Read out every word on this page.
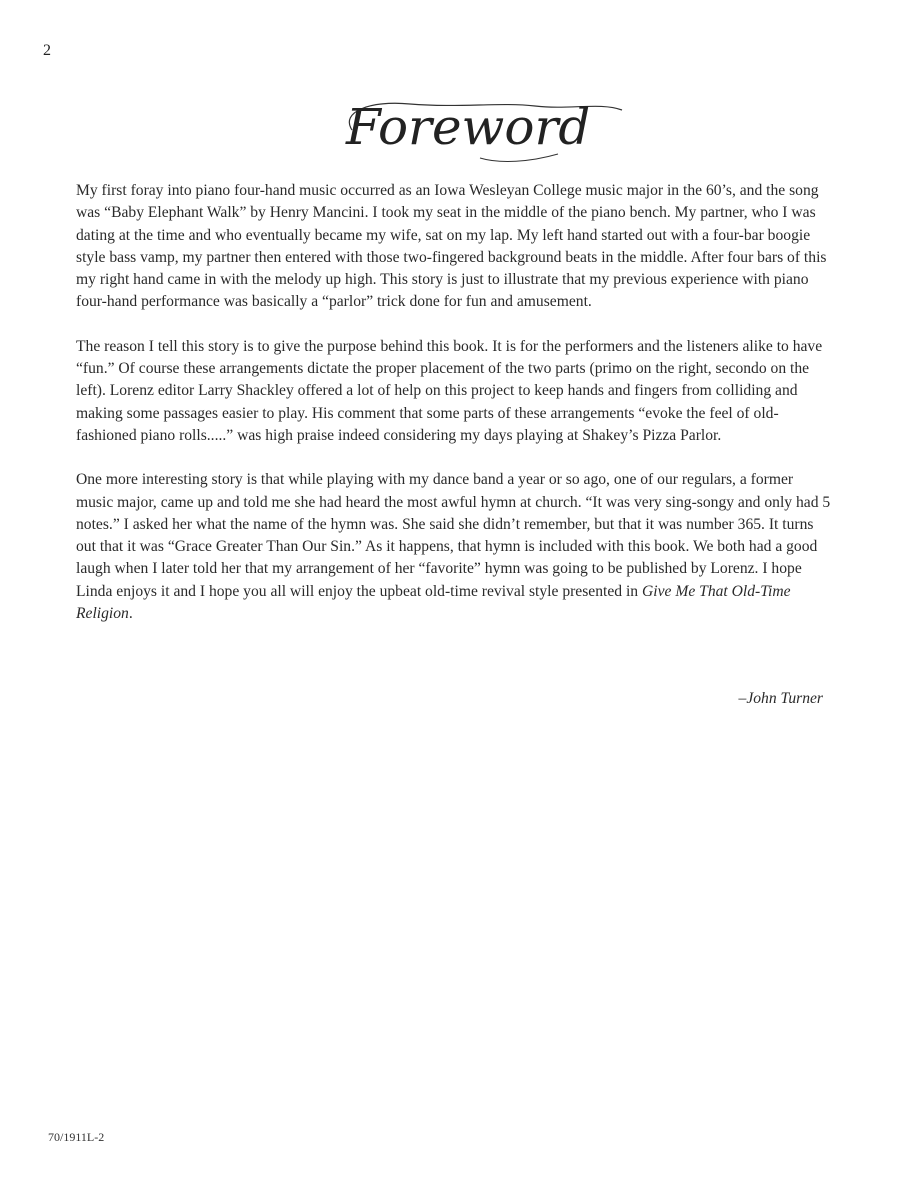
2
Foreword

My first foray into piano four-hand music occurred as an Iowa Wesleyan College music major in the 60’s, and the song was “Baby Elephant Walk” by Henry Mancini. I took my seat in the middle of the piano bench. My partner, who I was dating at the time and who eventually became my wife, sat on my lap. My left hand started out with a four-bar boogie style bass vamp, my partner then entered with those two-fingered background beats in the middle. After four bars of this my right hand came in with the melody up high. This story is just to illustrate that my previous experience with piano four-hand performance was basically a “parlor” trick done for fun and amusement.

The reason I tell this story is to give the purpose behind this book. It is for the performers and the listeners alike to have “fun.” Of course these arrangements dictate the proper placement of the two parts (primo on the right, secondo on the left). Lorenz editor Larry Shackley offered a lot of help on this project to keep hands and fingers from colliding and making some passages easier to play. His comment that some parts of these arrangements “evoke the feel of old-fashioned piano rolls.....” was high praise indeed considering my days playing at Shakey’s Pizza Parlor.

One more interesting story is that while playing with my dance band a year or so ago, one of our regulars, a former music major, came up and told me she had heard the most awful hymn at church. “It was very sing-songy and only had 5 notes.” I asked her what the name of the hymn was. She said she didn’t remember, but that it was number 365. It turns out that it was “Grace Greater Than Our Sin.” As it happens, that hymn is included with this book. We both had a good laugh when I later told her that my arrangement of her “favorite” hymn was going to be published by Lorenz. I hope Linda enjoys it and I hope you all will enjoy the upbeat old-time revival style presented in Give Me That Old-Time Religion.

–John Turner
70/1911L-2
